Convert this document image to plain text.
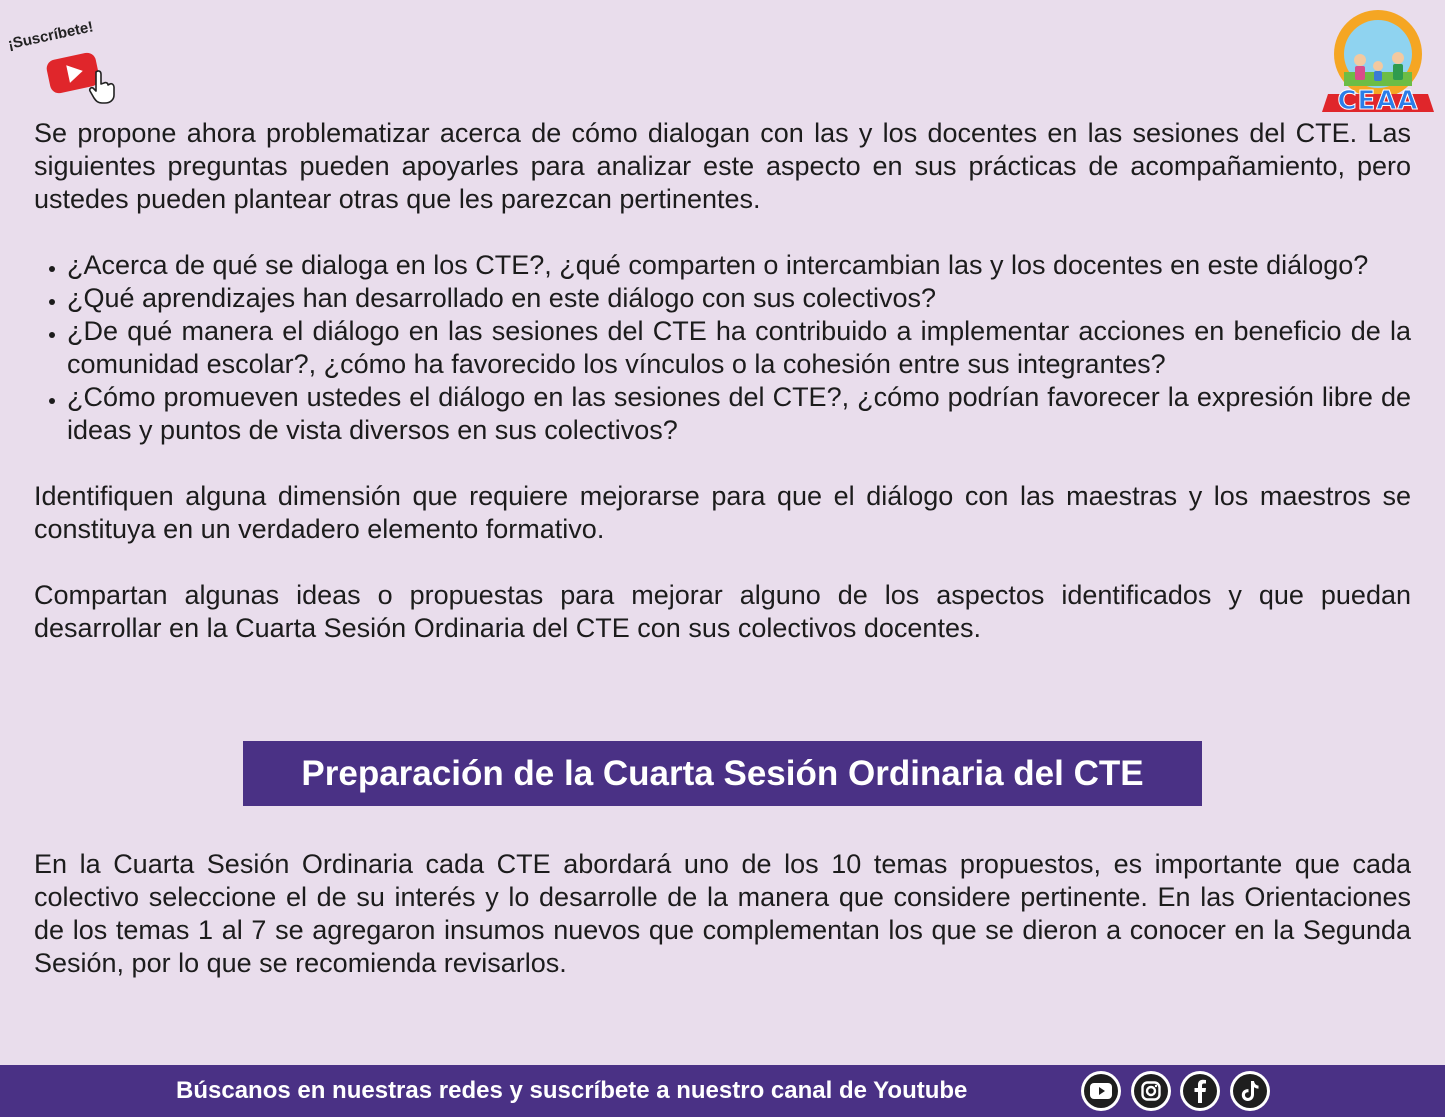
¡Suscríbete!
CEAA

Se propone ahora problematizar acerca de cómo dialogan con las y los docentes en las sesiones del CTE. Las siguientes preguntas pueden apoyarles para analizar este aspecto en sus prácticas de acompañamiento, pero ustedes pueden plantear otras que les parezcan pertinentes.

• ¿Acerca de qué se dialoga en los CTE?, ¿qué comparten o intercambian las y los docentes en este diálogo?
• ¿Qué aprendizajes han desarrollado en este diálogo con sus colectivos?
• ¿De qué manera el diálogo en las sesiones del CTE ha contribuido a implementar acciones en beneficio de la comunidad escolar?, ¿cómo ha favorecido los vínculos o la cohesión entre sus integrantes?
• ¿Cómo promueven ustedes el diálogo en las sesiones del CTE?, ¿cómo podrían favorecer la expresión libre de ideas y puntos de vista diversos en sus colectivos?

Identifiquen alguna dimensión que requiere mejorarse para que el diálogo con las maestras y los maestros se constituya en un verdadero elemento formativo.

Compartan algunas ideas o propuestas para mejorar alguno de los aspectos identificados y que puedan desarrollar en la Cuarta Sesión Ordinaria del CTE con sus colectivos docentes.

Preparación de la Cuarta Sesión Ordinaria del CTE

En la Cuarta Sesión Ordinaria cada CTE abordará uno de los 10 temas propuestos, es importante que cada colectivo seleccione el de su interés y lo desarrolle de la manera que considere pertinente. En las Orientaciones de los temas 1 al 7 se agregaron insumos nuevos que complementan los que se dieron a conocer en la Segunda Sesión, por lo que se recomienda revisarlos.

Búscanos en nuestras redes y suscríbete a nuestro canal de Youtube
